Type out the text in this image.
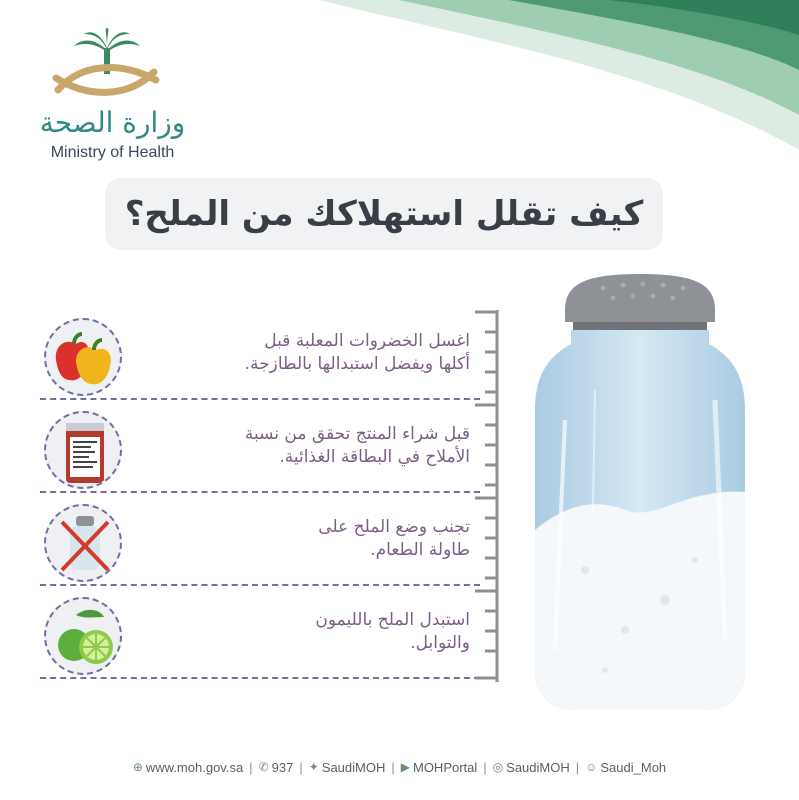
وزارة الصحة
Ministry of Health
كيف تقلل استهلاكك من الملح؟
اغسل الخضروات المعلبة قبل
أكلها ويفضل استبدالها بالطازجة.
قبل شراء المنتج تحقق من نسبة
الأملاح في البطاقة الغذائية.
تجنب وضع الملح على
طاولة الطعام.
استبدل الملح بالليمون
والتوابل.
⊕ www.moh.gov.sa | ✆ 937 | ✦ SaudiMOH | ▶ MOHPortal | ◎ SaudiMOH | ☺ Saudi_Moh
